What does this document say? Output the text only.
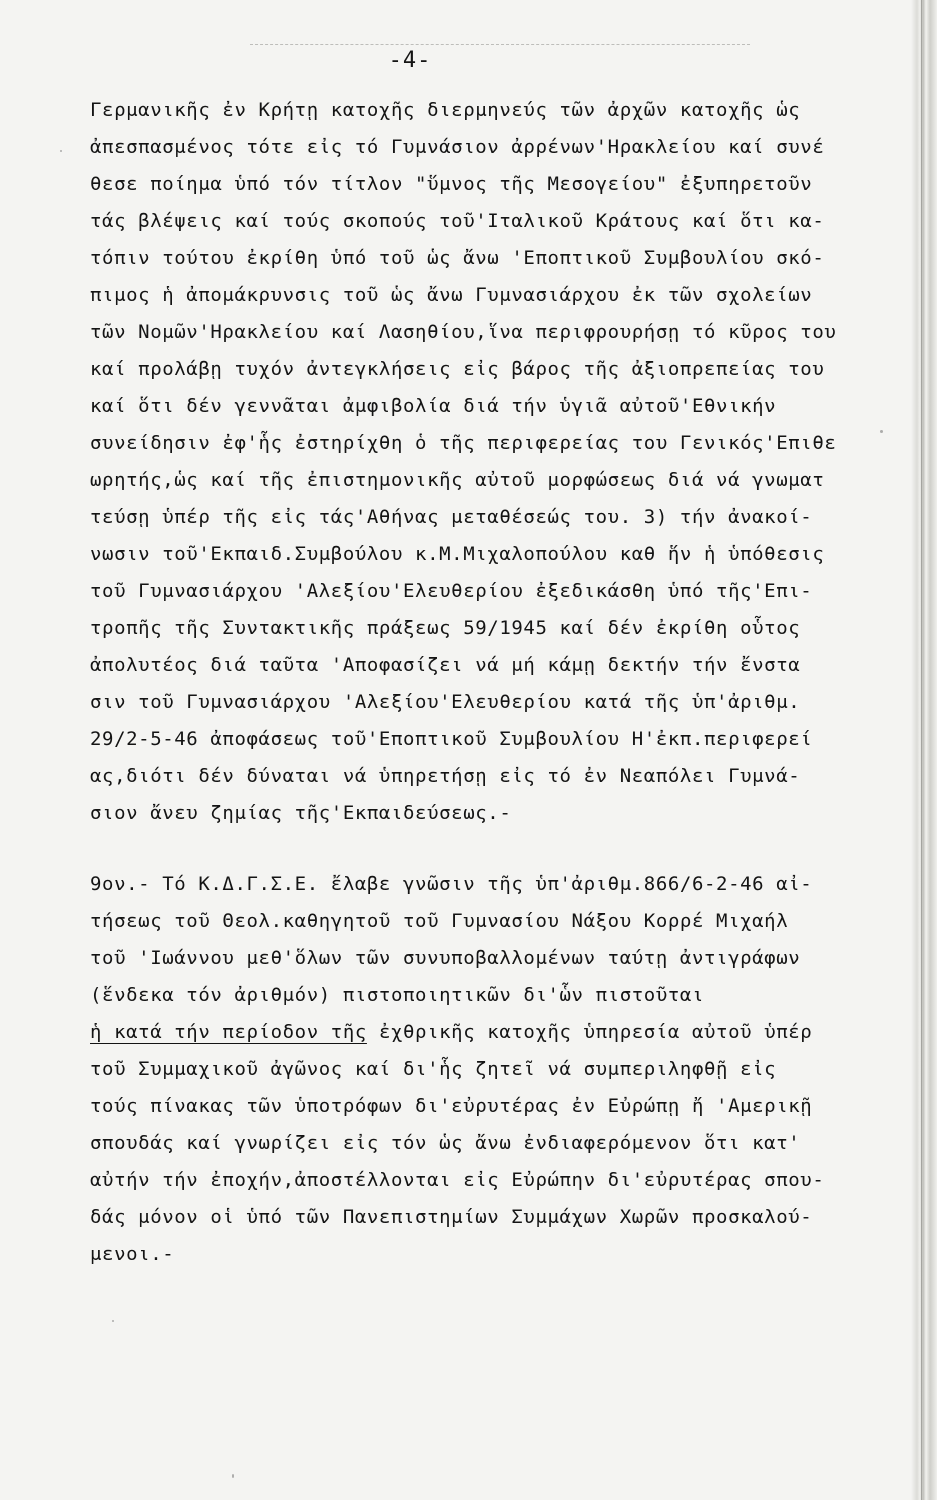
-4-
Γερμανικῆς ἐν Κρήτῃ κατοχῆς διερμηνεύς τῶν ἀρχῶν κατοχῆς ὡς
ἀπεσπασμένος τότε εἰς τό Γυμνάσιον ἀρρένων'Ηρακλείου καί συνέ
θεσε ποίημα ὑπό τόν τίτλον "ὕμνος τῆς Μεσογείου" ἐξυπηρετοῦν
τάς βλέψεις καί τούς σκοπούς τοῦ'Ιταλικοῦ Κράτους καί ὅτι κα-
τόπιν τούτου ἐκρίθη ὑπό τοῦ ὡς ἄνω 'Εποπτικοῦ Συμβουλίου σκό-
πιμος ἡ ἀπομάκρυνσις τοῦ ὡς ἄνω Γυμνασιάρχου ἐκ τῶν σχολείων
τῶν Νομῶν'Ηρακλείου καί Λασηθίου,ἵνα περιφρουρήσῃ τό κῦρος του
καί προλάβῃ τυχόν ἀντεγκλήσεις εἰς βάρος τῆς ἀξιοπρεπείας του
καί ὅτι δέν γεννᾶται ἀμφιβολία διά τήν ὑγιᾶ αὐτοῦ'Εθνικήν
συνείδησιν ἐφ'ἧς ἐστηρίχθη ὁ τῆς περιφερείας του Γενικός'Επιθε
ωρητής,ὡς καί τῆς ἐπιστημονικῆς αὐτοῦ μορφώσεως διά νά γνωματ
τεύσῃ ὑπέρ τῆς εἰς τάς'Αθήνας μεταθέσεώς του. 3) τήν ἀνακοί-
νωσιν τοῦ'Εκπαιδ.Συμβούλου κ.Μ.Μιχαλοπούλου καθ ἥν ἡ ὑπόθεσις
τοῦ Γυμνασιάρχου 'Αλεξίου'Ελευθερίου ἐξεδικάσθη ὑπό τῆς'Επι-
τροπῆς τῆς Συντακτικῆς πράξεως 59/1945 καί δέν ἐκρίθη οὗτος
ἀπολυτέος διά ταῦτα 'Αποφασίζει νά μή κάμῃ δεκτήν τήν ἔνστα
σιν τοῦ Γυμνασιάρχου 'Αλεξίου'Ελευθερίου κατά τῆς ὑπ'ἀριθμ.
29/2-5-46 ἀποφάσεως τοῦ'Εποπτικοῦ Συμβουλίου Η'ἐκπ.περιφερεί
ας,διότι δέν δύναται νά ὑπηρετήσῃ εἰς τό ἐν Νεαπόλει Γυμνά-
σιον ἄνευ ζημίας τῆς'Εκπαιδεύσεως.-
9ον.- Τό Κ.Δ.Γ.Σ.Ε. ἔλαβε γνῶσιν τῆς ὑπ'ἀριθμ.866/6-2-46 αἰ-
τήσεως τοῦ Θεολ.καθηγητοῦ τοῦ Γυμνασίου Νάξου Κορρέ Μιχαήλ
τοῦ 'Ιωάννου μεθ'ὅλων τῶν συνυποβαλλομένων ταύτῃ ἀντιγράφων
(ἕνδεκα τόν ἀριθμόν) πιστοποιητικῶν δι'ὧν πιστοῦται
ἡ κατά τήν περίοδον τῆς ἐχθρικῆς κατοχῆς ὑπηρεσία αὐτοῦ ὑπέρ
τοῦ Συμμαχικοῦ ἀγῶνος καί δι'ἧς ζητεῖ νά συμπεριληφθῇ εἰς
τούς πίνακας τῶν ὑποτρόφων δι'εὐρυτέρας ἐν Εὐρώπῃ ἤ 'Αμερικῇ
σπουδάς καί γνωρίζει εἰς τόν ὡς ἄνω ἐνδιαφερόμενον ὅτι κατ'
αὐτήν τήν ἐποχήν,ἀποστέλλονται εἰς Εὐρώπην δι'εὐρυτέρας σπου-
δάς μόνον οἱ ὑπό τῶν Πανεπιστημίων Συμμάχων Χωρῶν προσκαλού-
μενοι.-
